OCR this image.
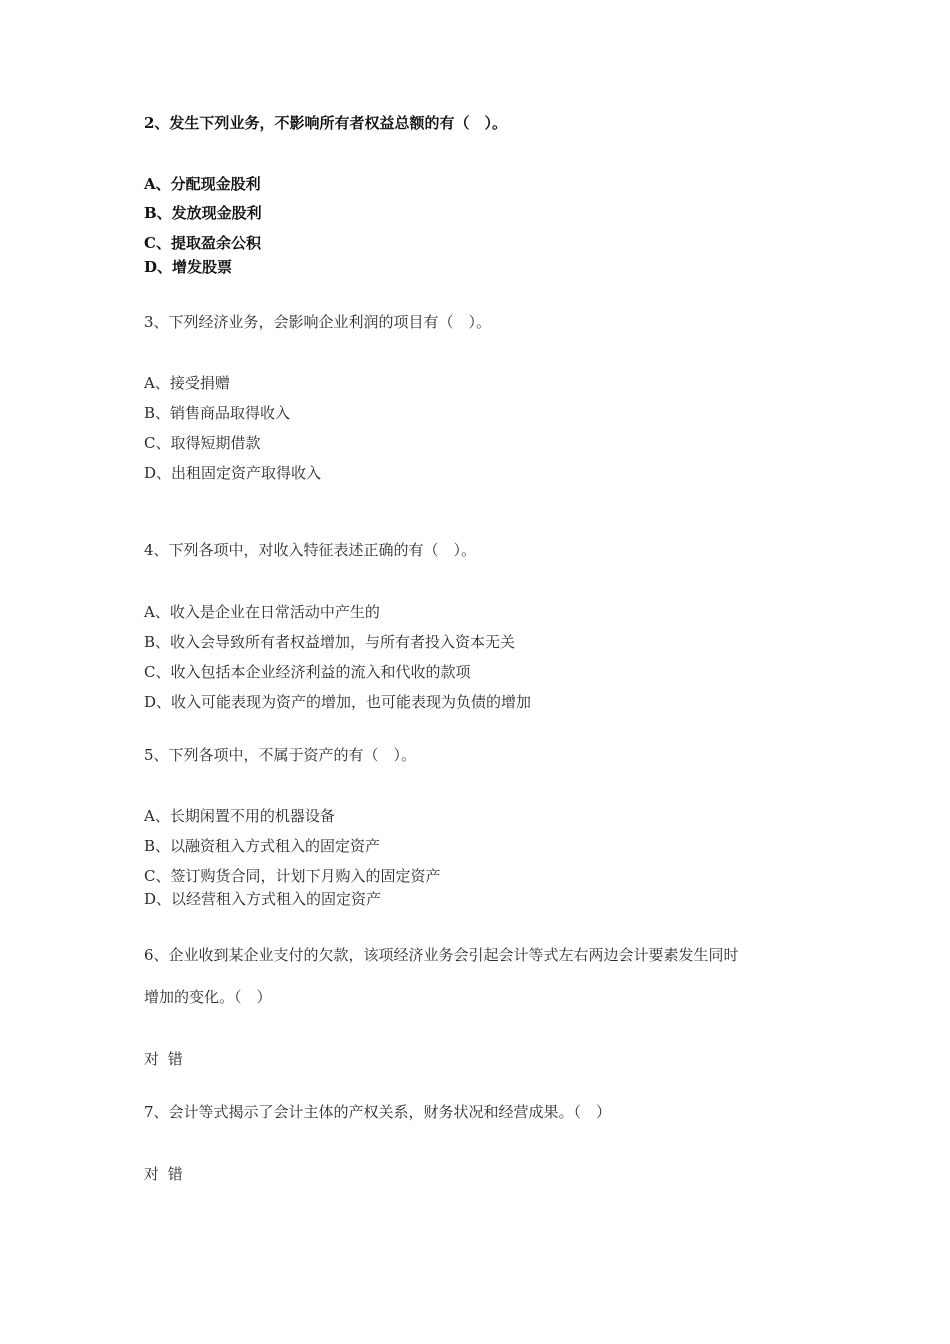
2、发生下列业务，不影响所有者权益总额的有（　）。

A、分配现金股利

B、发放现金股利

C、提取盈余公积

D、增发股票

3、下列经济业务，会影响企业利润的项目有（　）。

A、接受捐赠

B、销售商品取得收入

C、取得短期借款

D、出租固定资产取得收入

4、下列各项中，对收入特征表述正确的有（　）。

A、收入是企业在日常活动中产生的

B、收入会导致所有者权益增加，与所有者投入资本无关

C、收入包括本企业经济利益的流入和代收的款项

D、收入可能表现为资产的增加，也可能表现为负债的增加

5、下列各项中，不属于资产的有（　）。

A、长期闲置不用的机器设备

B、以融资租入方式租入的固定资产

C、签订购货合同，计划下月购入的固定资产

D、以经营租入方式租入的固定资产

6、企业收到某企业支付的欠款，该项经济业务会引起会计等式左右两边会计要素发生同时

增加的变化。（　）

对 错

7、会计等式揭示了会计主体的产权关系，财务状况和经营成果。（　）

对 错
